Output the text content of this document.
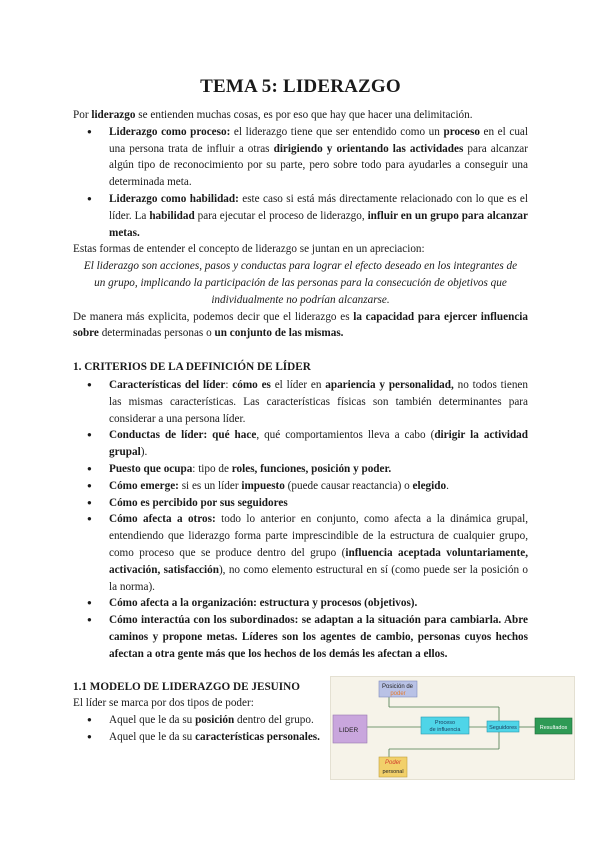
TEMA 5: LIDERAZGO

Por liderazgo se entienden muchas cosas, es por eso que hay que hacer una delimitación.

● Liderazgo como proceso: el liderazgo tiene que ser entendido como un proceso en el cual una persona trata de influir a otras dirigiendo y orientando las actividades para alcanzar algún tipo de reconocimiento por su parte, pero sobre todo para ayudarles a conseguir una determinada meta.
● Liderazgo como habilidad: este caso si está más directamente relacionado con lo que es el líder. La habilidad para ejecutar el proceso de liderazgo, influir en un grupo para alcanzar metas.

Estas formas de entender el concepto de liderazgo se juntan en un apreciacion:

El liderazgo son acciones, pasos y conductas para lograr el efecto deseado en los integrantes de un grupo, implicando la participación de las personas para la consecución de objetivos que individualmente no podrían alcanzarse.

De manera más explicita, podemos decir que el liderazgo es la capacidad para ejercer influencia sobre determinadas personas o un conjunto de las mismas.

1. CRITERIOS DE LA DEFINICIÓN DE LÍDER
● Características del líder: cómo es el líder en apariencia y personalidad, no todos tienen las mismas características. Las características físicas son también determinantes para considerar a una persona líder.
● Conductas de líder: qué hace, qué comportamientos lleva a cabo (dirigir la actividad grupal).
● Puesto que ocupa: tipo de roles, funciones, posición y poder.
● Cómo emerge: si es un líder impuesto (puede causar reactancia) o elegido.
● Cómo es percibido por sus seguidores
● Cómo afecta a otros: todo lo anterior en conjunto, como afecta a la dinámica grupal, entendiendo que liderazgo forma parte imprescindible de la estructura de cualquier grupo, como proceso que se produce dentro del grupo (influencia aceptada voluntariamente, activación, satisfacción), no como elemento estructural en sí (como puede ser la posición o la norma).
● Cómo afecta a la organización: estructura y procesos (objetivos).
● Cómo interactúa con los subordinados: se adaptan a la situación para cambiarla. Abre caminos y propone metas. Líderes son los agentes de cambio, personas cuyos hechos afectan a otra gente más que los hechos de los demás les afectan a ellos.
1.1 MODELO DE LIDERAZGO DE JESUINO

El líder se marca por dos tipos de poder:

● Aquel que le da su posición dentro del grupo.
● Aquel que le da su características personales.
Posición de
poder
LIDER
Proceso
de influencia	Seguidores	Resultados
Poder
personal
